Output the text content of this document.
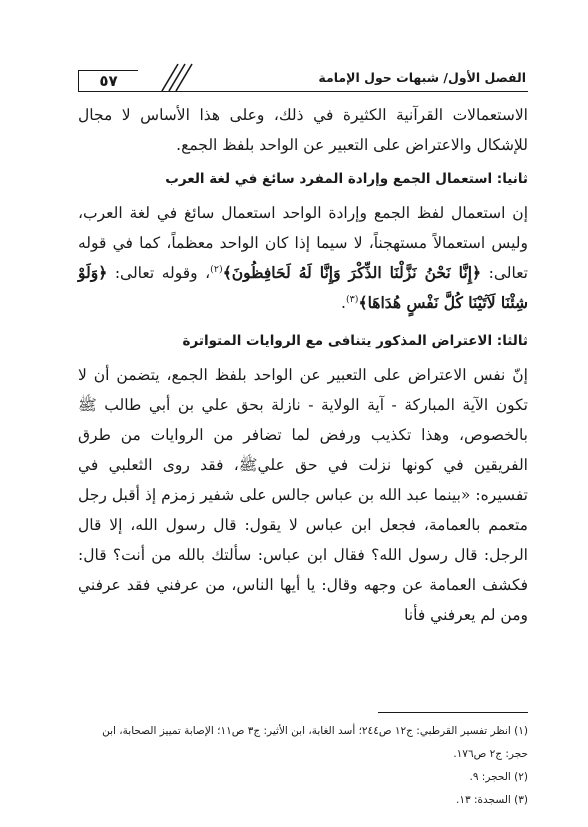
الفصل الأول/ شبهات حول الإمامة
٥٧

الاستعمالات القرآنية الكثيرة في ذلك، وعلى هذا الأساس لا مجال للإشكال والاعتراض على التعبير عن الواحد بلفظ الجمع.

ثانيا: استعمال الجمع وإرادة المفرد سائغ في لغة العرب

إن استعمال لفظ الجمع وإرادة الواحد استعمال سائغ في لغة العرب، وليس استعمالاً مستهجناً، لا سيما إذا كان الواحد معظماً، كما في قوله تعالى: ﴿إِنَّا نَحْنُ نَزَّلْنَا الذِّكْرَ وَإِنَّا لَهُ لَحَافِظُونَ﴾$^{(٢)}$، وقوله تعالى: ﴿وَلَوْ شِئْنَا لَآتَيْنَا كُلَّ نَفْسٍ هُدَاهَا﴾$^{(٣)}$.

ثالثا: الاعتراض المذكور يتنافى مع الروايات المتواترة

إنّ نفس الاعتراض على التعبير عن الواحد بلفظ الجمع، يتضمن أن لا تكون الآية المباركة - آية الولاية - نازلة بحق علي بن أبي طالب ﷺ بالخصوص، وهذا تكذيب ورفض لما تضافر من الروايات من طرق الفريقين في كونها نزلت في حق عليﷺ، فقد روى الثعلبي في تفسيره: «بينما عبد الله بن عباس جالس على شفير زمزم إذ أقبل رجل متعمم بالعمامة، فجعل ابن عباس لا يقول: قال رسول الله، إلا قال الرجل: قال رسول الله؟ فقال ابن عباس: سألتك بالله من أنت؟ قال: فكشف العمامة عن وجهه وقال: يا أيها الناس، من عرفني فقد عرفني ومن لم يعرفني فأنا

(١) انظر تفسير القرطبي: ج١٢ ص٢٤٤؛ أسد الغابة، ابن الأثير: ج٣ ص١١؛ الإصابة تمييز الصحابة، ابن حجر: ج٢ ص١٧٦.

(٢) الحجر: ٩.

(٣) السجدة: ١٣.
